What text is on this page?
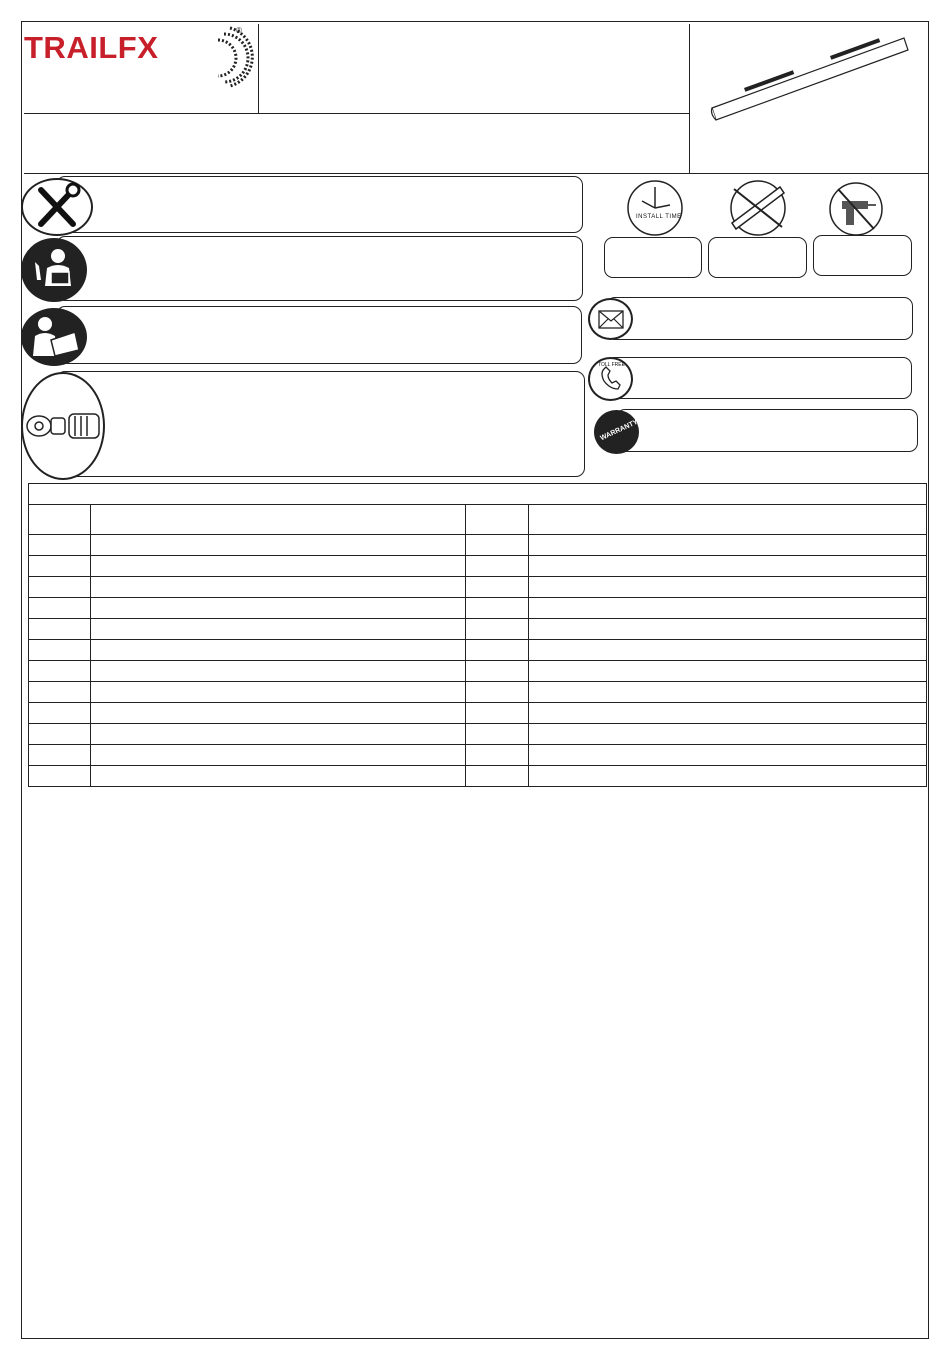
TRAILFX	®
INSTALL TIME
TOLL FREE
WARRANTY
